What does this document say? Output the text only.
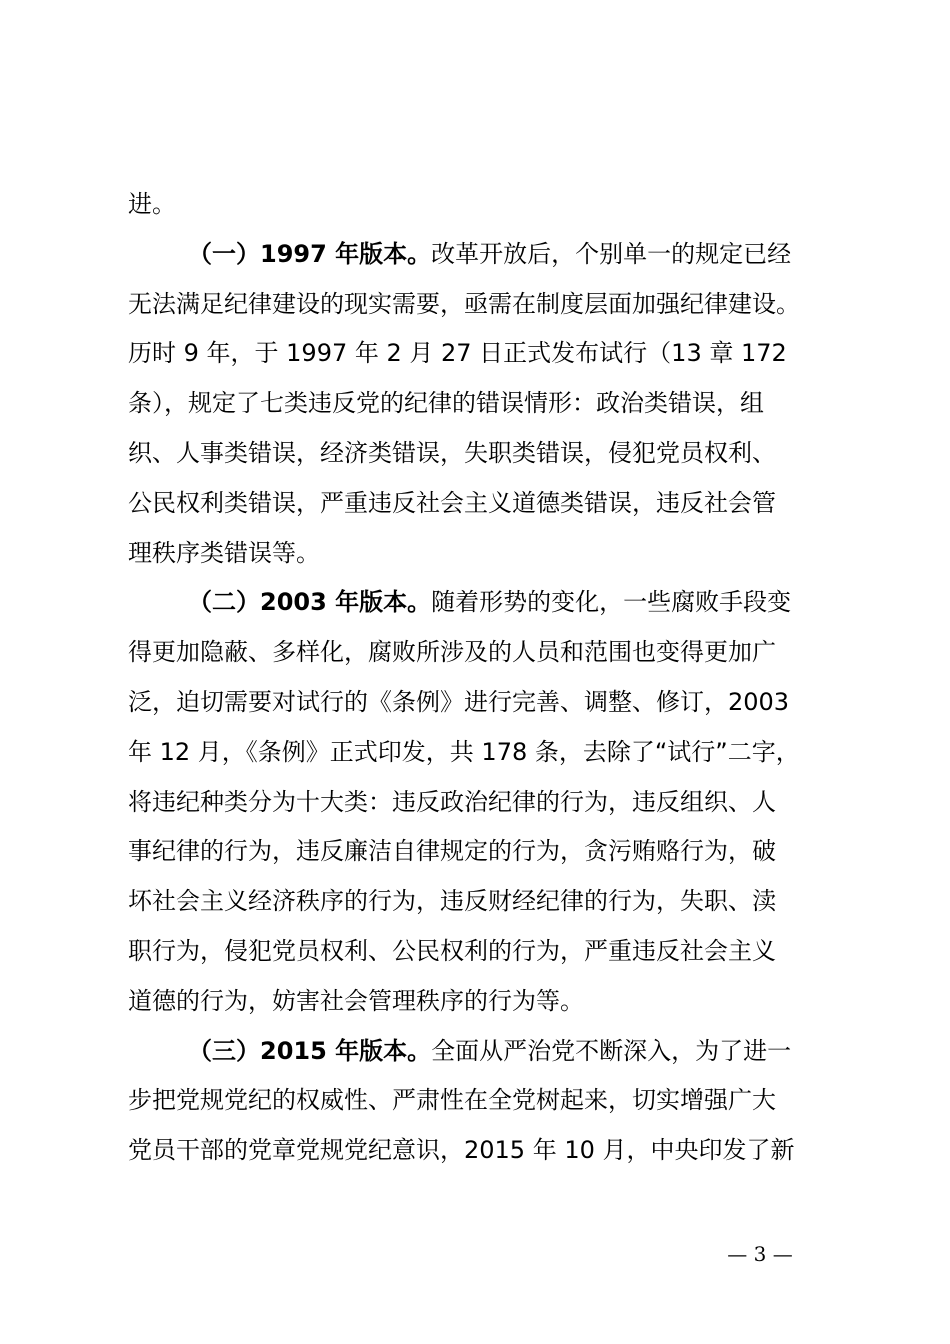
进。
（一）1997 年版本。改革开放后，个别单一的规定已经
无法满足纪律建设的现实需要，亟需在制度层面加强纪律建设。
历时 9 年，于 1997 年 2 月 27 日正式发布试行（13 章 172
条），规定了七类违反党的纪律的错误情形：政治类错误，组
织、人事类错误，经济类错误，失职类错误，侵犯党员权利、
公民权利类错误，严重违反社会主义道德类错误，违反社会管
理秩序类错误等。
（二）2003 年版本。随着形势的变化，一些腐败手段变
得更加隐蔽、多样化，腐败所涉及的人员和范围也变得更加广
泛，迫切需要对试行的《条例》进行完善、调整、修订，2003
年 12 月，《条例》正式印发，共 178 条，去除了“试行”二字，
将违纪种类分为十大类：违反政治纪律的行为，违反组织、人
事纪律的行为，违反廉洁自律规定的行为，贪污贿赂行为，破
坏社会主义经济秩序的行为，违反财经纪律的行为，失职、渎
职行为，侵犯党员权利、公民权利的行为，严重违反社会主义
道德的行为，妨害社会管理秩序的行为等。
（三）2015 年版本。全面从严治党不断深入，为了进一
步把党规党纪的权威性、严肃性在全党树起来，切实增强广大
党员干部的党章党规党纪意识，2015 年 10 月，中央印发了新
— 3 —
